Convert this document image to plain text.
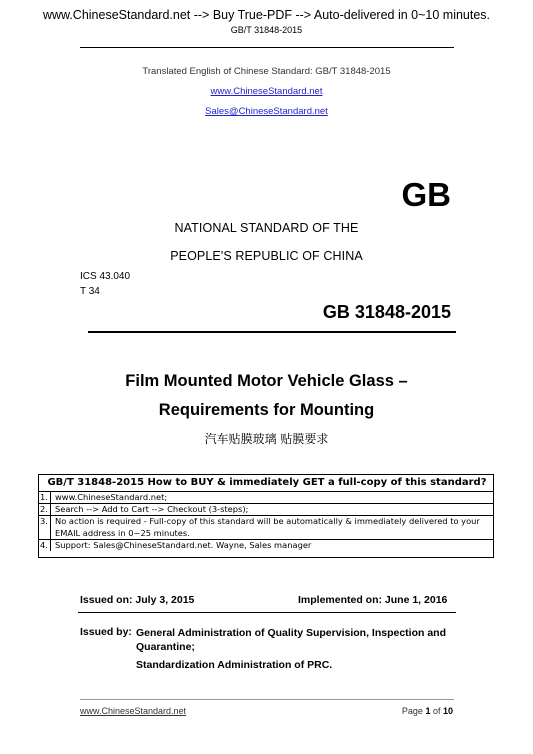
www.ChineseStandard.net --> Buy True-PDF --> Auto-delivered in 0~10 minutes.
GB/T 31848-2015
Translated English of Chinese Standard: GB/T 31848-2015
www.ChineseStandard.net
Sales@ChineseStandard.net
GB
NATIONAL STANDARD OF THE
PEOPLE'S REPUBLIC OF CHINA
ICS 43.040
T 34
GB 31848-2015
Film Mounted Motor Vehicle Glass –
Requirements for Mounting
汽车贴膜玻璃 贴膜要求
GB/T 31848-2015 How to BUY & immediately GET a full-copy of this standard?
1. www.ChineseStandard.net;
2. Search --> Add to Cart --> Checkout (3-steps);
3. No action is required - Full-copy of this standard will be automatically & immediately delivered to your EMAIL address in 0~25 minutes.
4. Support: Sales@ChineseStandard.net. Wayne, Sales manager
Issued on: July 3, 2015	Implemented on: June 1, 2016
Issued by: General Administration of Quality Supervision, Inspection and Quarantine;
Standardization Administration of PRC.
www.ChineseStandard.net	Page 1 of 10
